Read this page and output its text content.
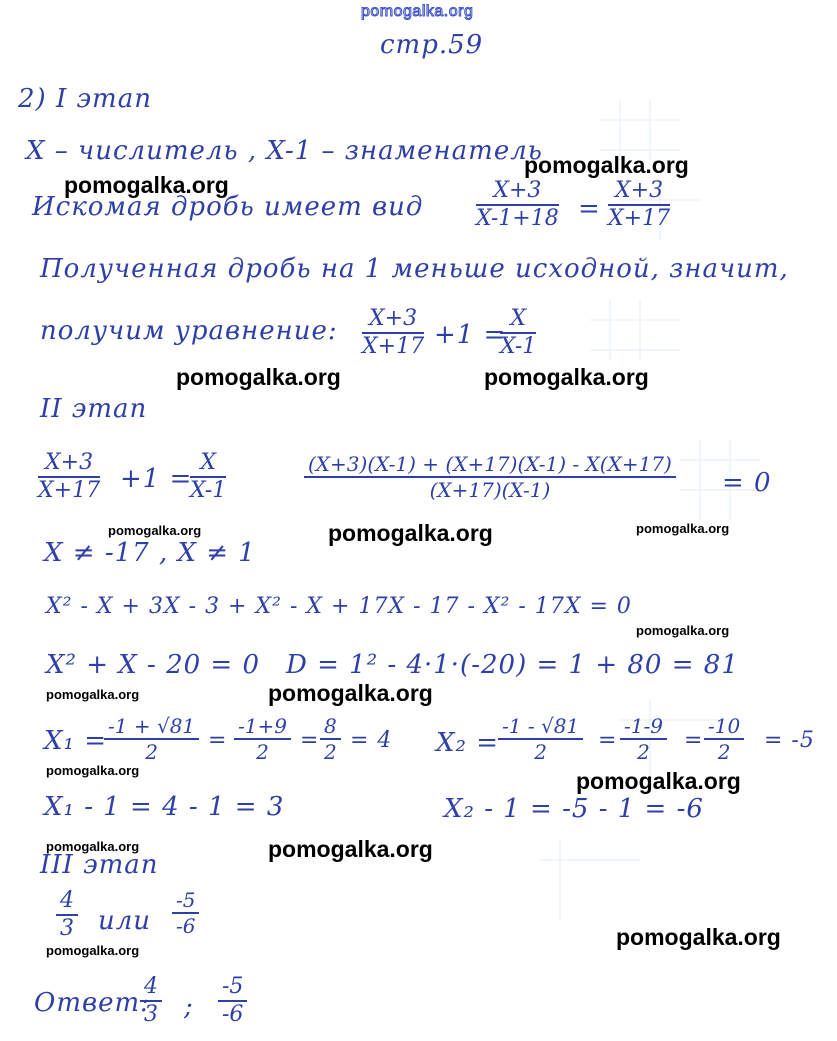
pomogalka.org
стр.59
2) I этап
X – числитель , X-1 – знаменатель
Искомая дробь имеет вид $\frac{X+3}{X-1+18} = \frac{X+3}{X+17}$
Полученная дробь на 1 меньше исходной, значит,
получим уравнение: $\frac{X+3}{X+17} +1$ =
$\frac{X}{X-1}$
II этап
$\frac{X+3}{X+17} +1$ =
$\frac{X}{X-1}$	$\frac{(X+3)(X-1) + (X+17)(X-1) - X(X+17)}{(X+17)(X-1)} = 0$
X ≠ -17 , X ≠ 1
X² - X + 3X - 3 + X² - X + 17X - 17 - X² - 17X = 0
X² + X - 20 = 0 D = 1² - 4·1·(-20) = 1 + 80 = 81
X₁ =
$\frac{-1 + √81}{2} = \frac{-1+9}{2} = \frac{8}{2} = 4$ $X_2 = \frac{-1 - √81}{2} = \frac{-1-9}{2} = \frac{-10}{2} = -5$
X₁ - 1 = 4 - 1 = 3	X₂ - 1 = -5 - 1 = -6
III этап
$\frac{4}{3}$ или $\frac{-5}{-6}$
Ответ:
$\frac{4}{3}$ ; $\frac{-5}{-6}$
pomogalka.org
pomogalka.org
pomogalka.org	pomogalka.org
pomogalka.org	pomogalka.org	pomogalka.org
pomogalka.org
pomogalka.org	pomogalka.org
pomogalka.org	pomogalka.org
pomogalka.org	pomogalka.org
pomogalka.org
pomogalka.org
